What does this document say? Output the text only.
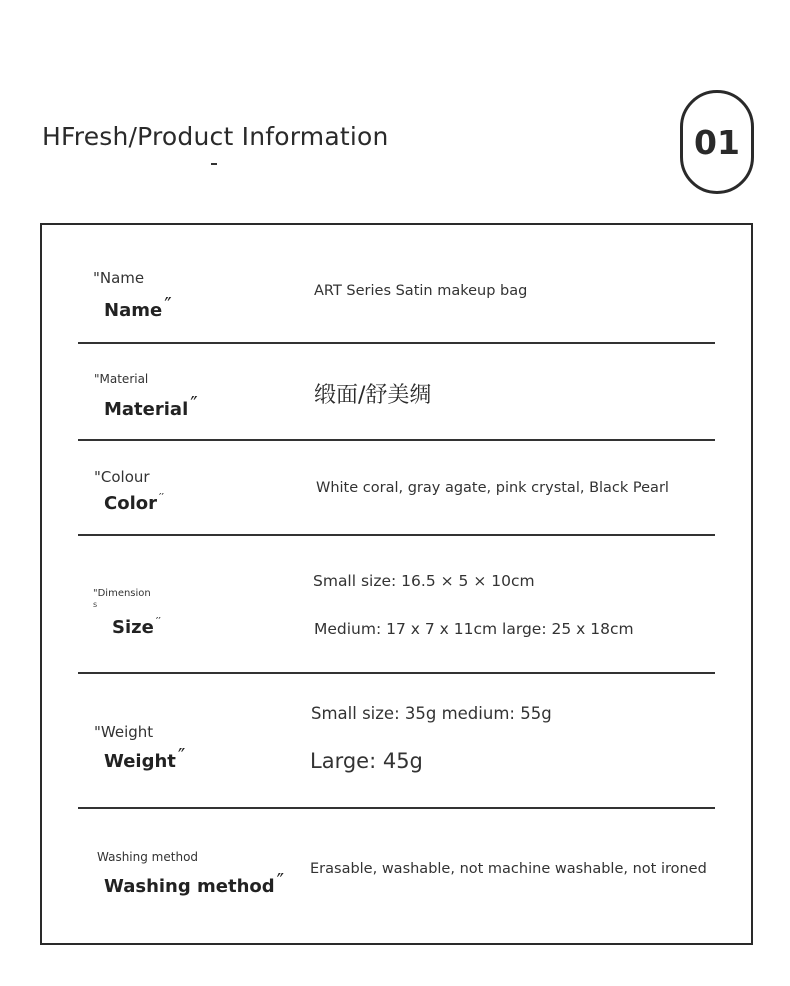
HFresh/Product Information	01
"Name
Name ″
ART Series Satin makeup bag
"Material
Material ″	缎面/舒美绸
"Colour
Color ′′
White coral, gray agate, pink crystal, Black Pearl
"Dimension
s
Size ′′
Small size: 16.5 × 5 × 10cm
Medium: 17 x 7 x 11cm large: 25 x 18cm
"Weight
Weight ″
Small size: 35g medium: 55g
Large: 45g
Washing method
Washing method ″ Erasable, washable, not machine washable, not ironed
